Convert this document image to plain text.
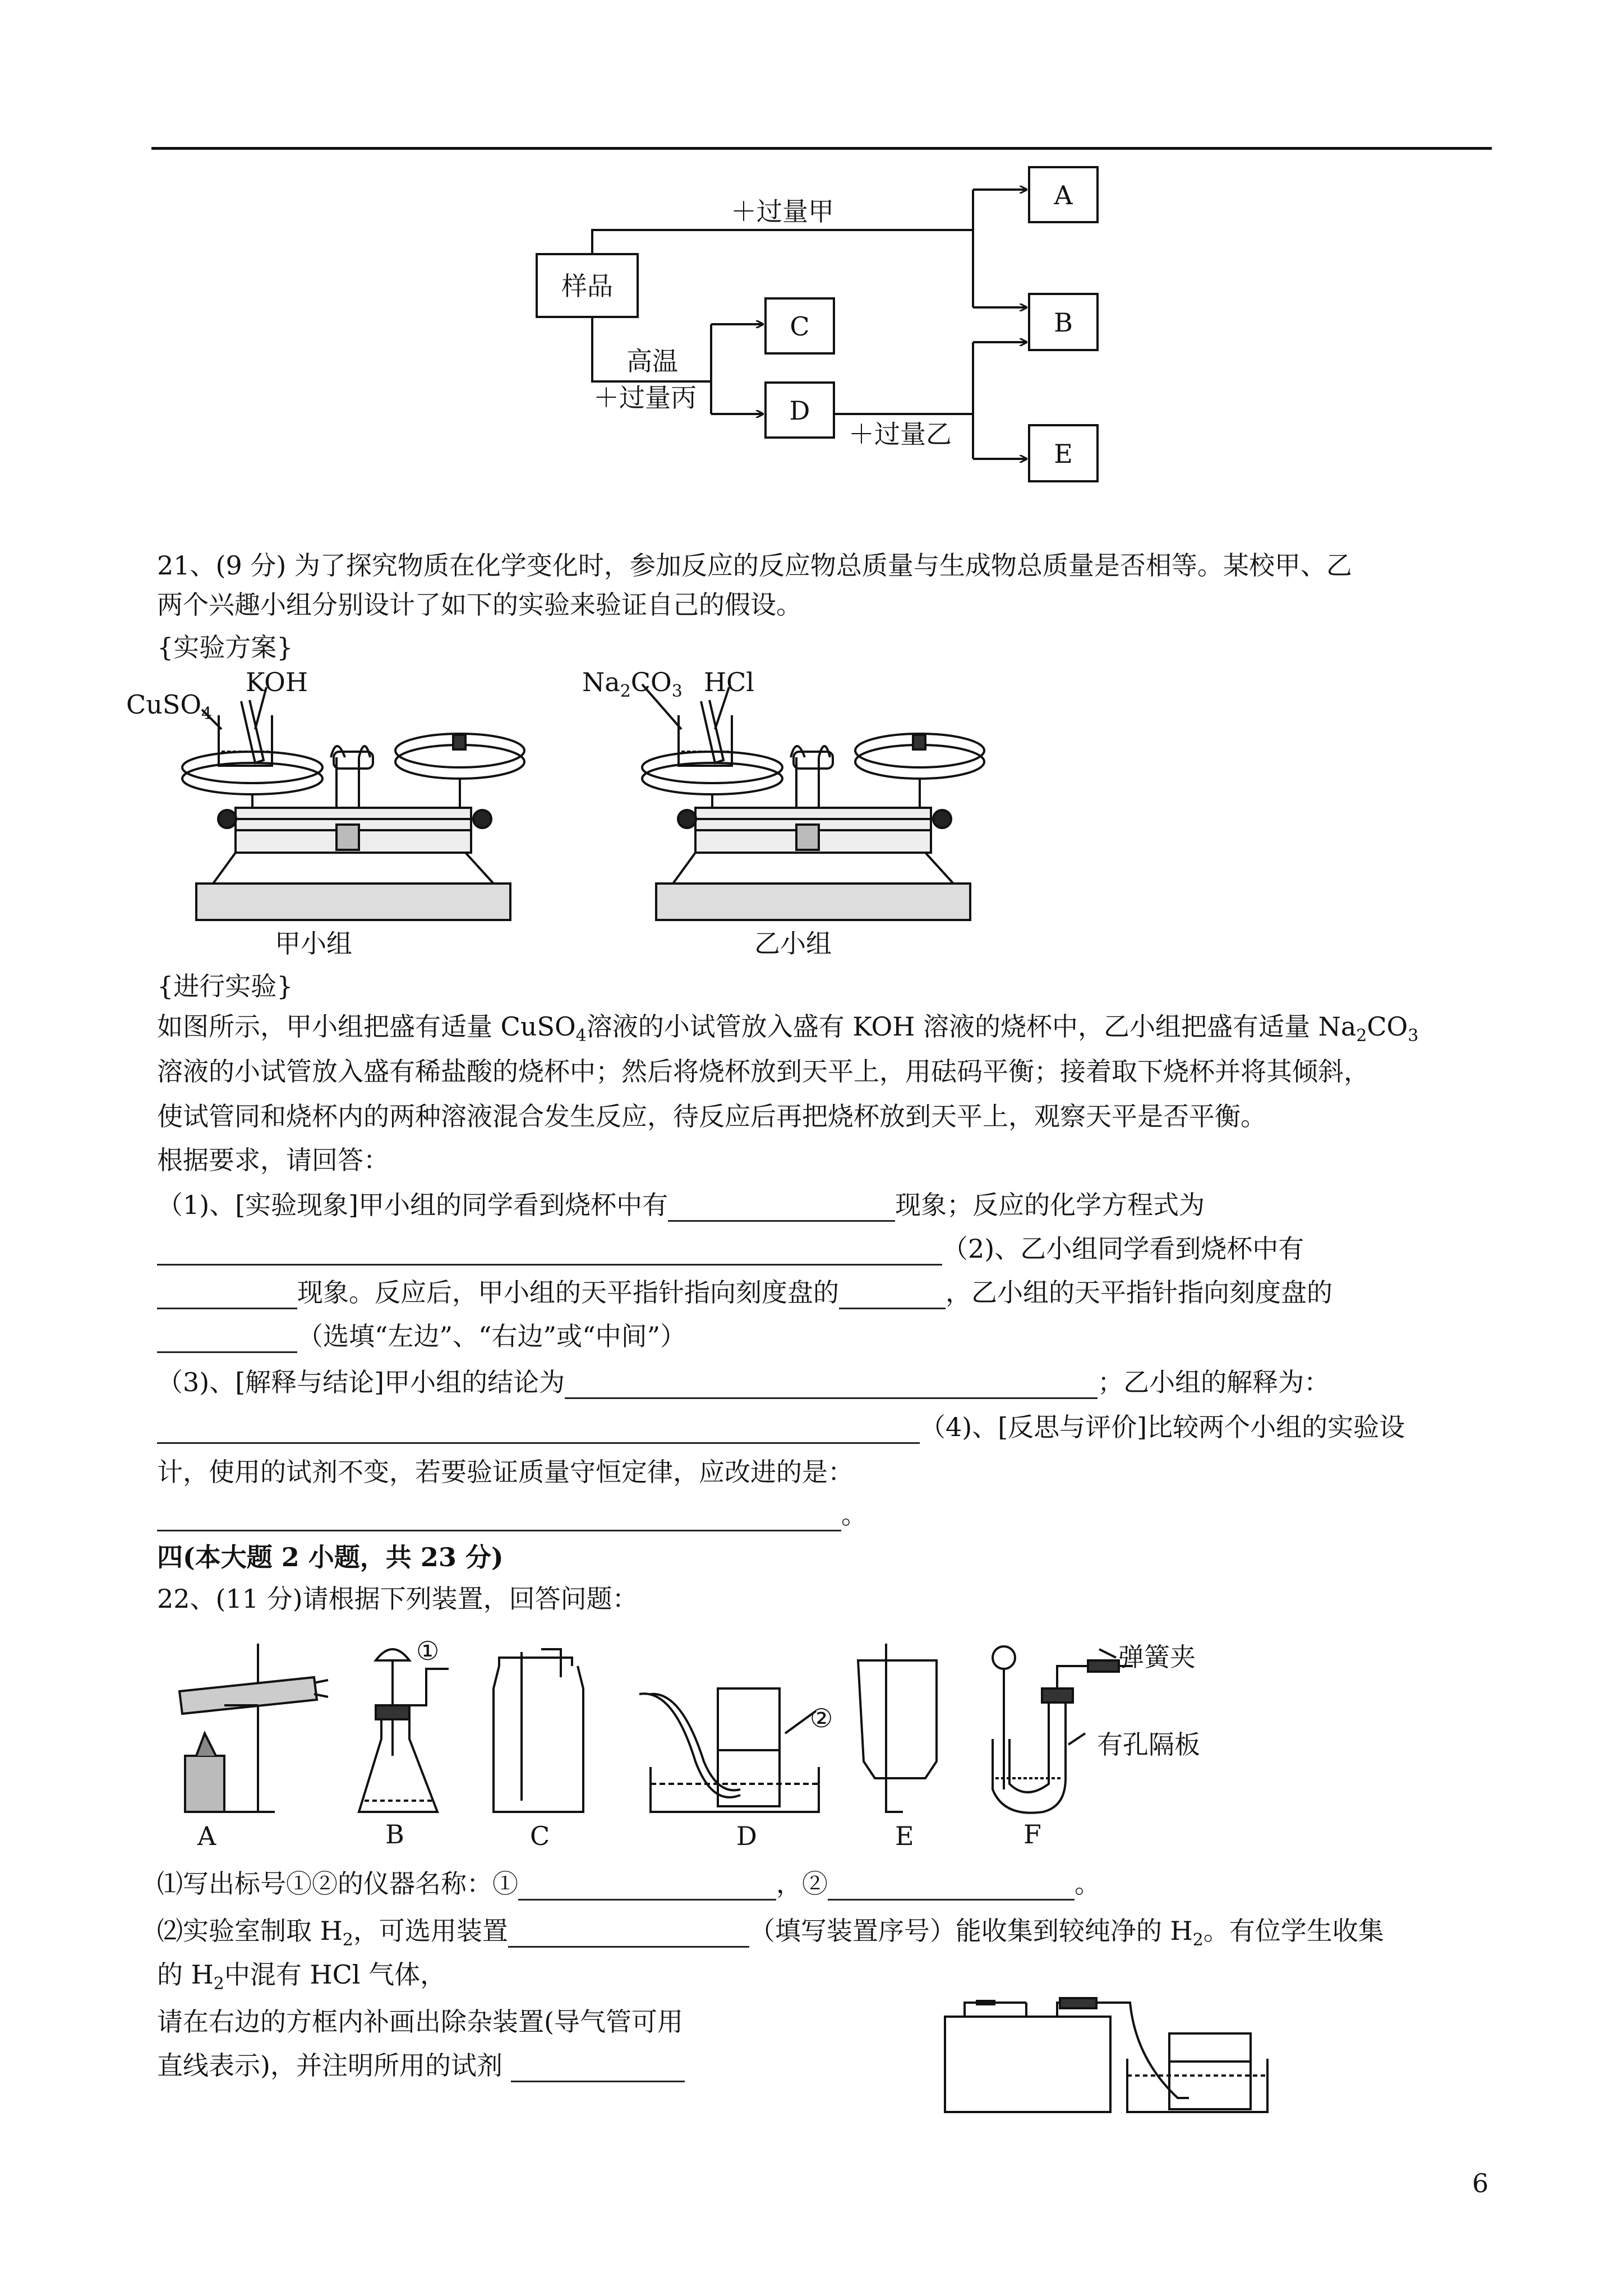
样品
＋过量甲
高温
＋过量丙
＋过量乙
A
B
C
D
E
21、(9 分) 为了探究物质在化学变化时，参加反应的反应物总质量与生成物总质量是否相等。某校甲、乙
两个兴趣小组分别设计了如下的实验来验证自己的假设。
{实验方案}
CuSO$_4$
KOH	$Na_2CO_3$ HCl
甲小组	乙小组
{进行实验}
如图所示，甲小组把盛有适量 CuSO$_4$溶液的小试管放入盛有 KOH 溶液的烧杯中，乙小组把盛有适量 $Na_2CO_3$
溶液的小试管放入盛有稀盐酸的烧杯中；然后将烧杯放到天平上，用砝码平衡；接着取下烧杯并将其倾斜，
使试管同和烧杯内的两种溶液混合发生反应，待反应后再把烧杯放到天平上，观察天平是否平衡。
根据要求，请回答：
（1)、[实验现象]甲小组的同学看到烧杯中有	现象；反应的化学方程式为
（2)、乙小组同学看到烧杯中有
现象。反应后，甲小组的天平指针指向刻度盘的	，乙小组的天平指针指向刻度盘的
（选填“左边”、“右边”或“中间”）
（3)、[解释与结论]甲小组的结论为	；乙小组的解释为：
（4)、[反思与评价]比较两个小组的实验设
计，使用的试剂不变，若要验证质量守恒定律，应改进的是：
。
四(本大题 2 小题，共 23 分)
22、(11 分)请根据下列装置，回答问题：
①
②
弹簧夹
有孔隔板
A	B	C	D	E	F
⑴写出标号①②的仪器名称：①	，②	。
⑵实验室制取 $H_2$，可选用装置	（填写装置序号）能收集到较纯净的 $H_2$。有位学生收集
的 $H_2$中混有 HCl 气体，
请在右边的方框内补画出除杂装置(导气管可用
直线表示)，并注明所用的试剂
6
